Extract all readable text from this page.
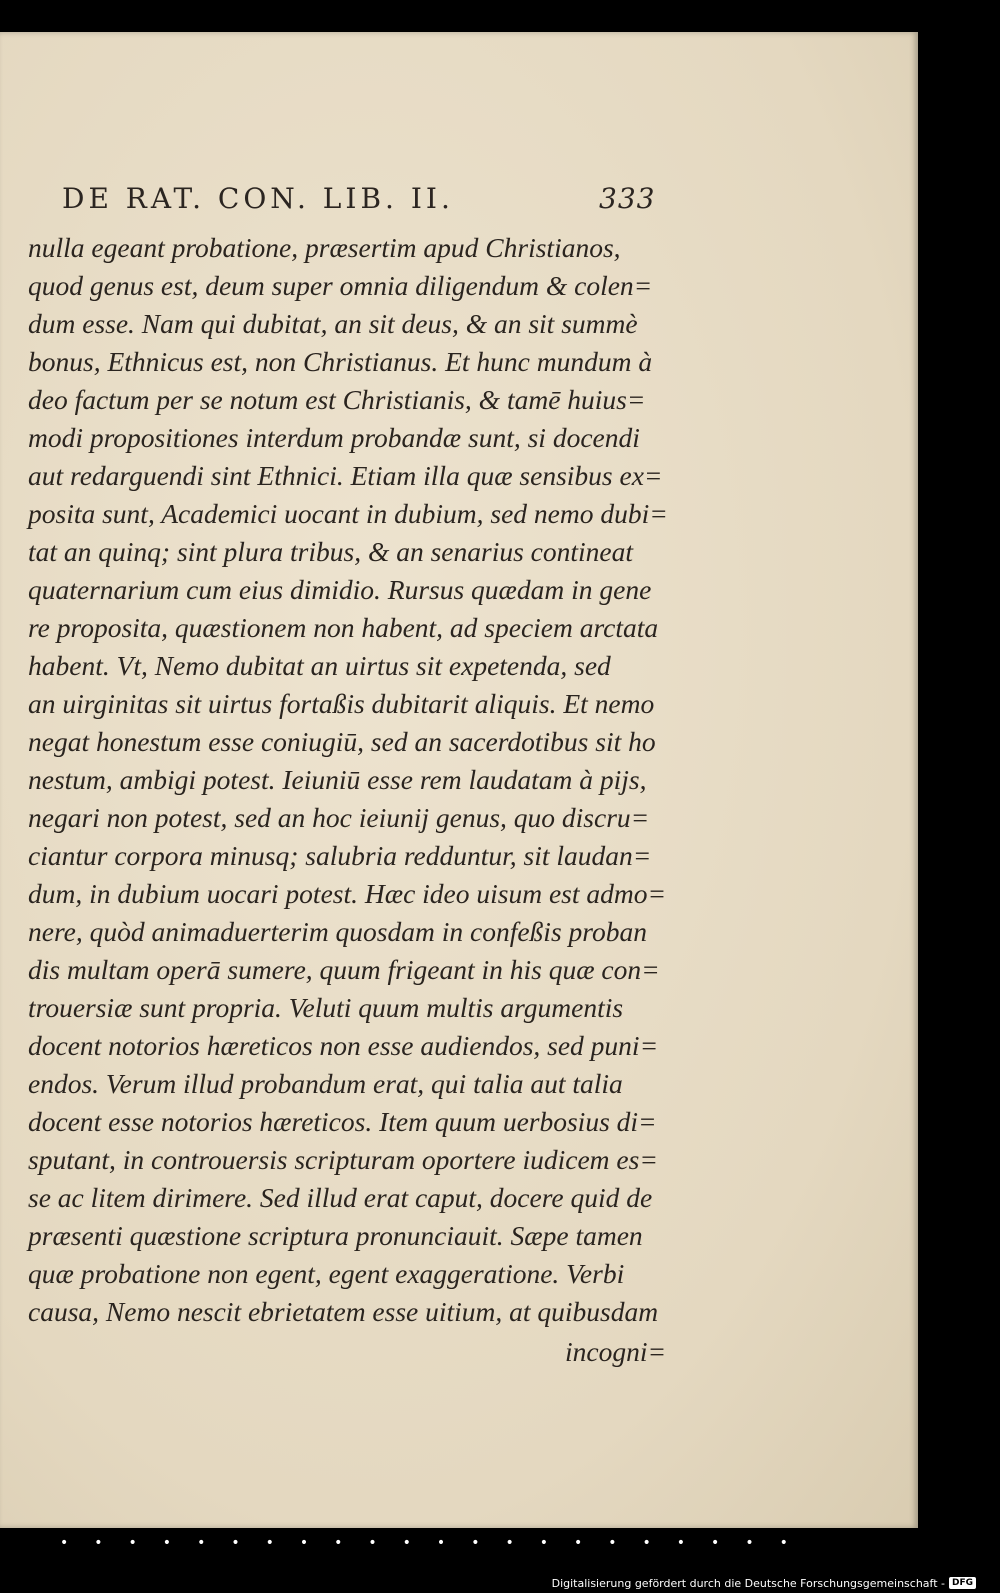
DE RAT. CON. LIB. II.	333
nulla egeant probatione, præsertim apud Christianos,
quod genus est, deum super omnia diligendum & colen=
dum esse. Nam qui dubitat, an sit deus, & an sit summè
bonus, Ethnicus est, non Christianus. Et hunc mundum à
deo factum per se notum est Christianis, & tamē huius=
modi propositiones interdum probandæ sunt, si docendi
aut redarguendi sint Ethnici. Etiam illa quæ sensibus ex=
posita sunt, Academici uocant in dubium, sed nemo dubi=
tat an quinq; sint plura tribus, & an senarius contineat
quaternarium cum eius dimidio. Rursus quædam in gene
re proposita, quæstionem non habent, ad speciem arctata
habent. Vt, Nemo dubitat an uirtus sit expetenda, sed
an uirginitas sit uirtus fortaßis dubitarit aliquis. Et nemo
negat honestum esse coniugiū, sed an sacerdotibus sit ho
nestum, ambigi potest. Ieiuniū esse rem laudatam à pijs,
negari non potest, sed an hoc ieiunij genus, quo discru=
ciantur corpora minusq; salubria redduntur, sit laudan=
dum, in dubium uocari potest. Hæc ideo uisum est admo=
nere, quòd animaduerterim quosdam in confeßis proban
dis multam operā sumere, quum frigeant in his quæ con=
trouersiæ sunt propria. Veluti quum multis argumentis
docent notorios hæreticos non esse audiendos, sed puni=
endos. Verum illud probandum erat, qui talia aut talia
docent esse notorios hæreticos. Item quum uerbosius di=
sputant, in controuersis scripturam oportere iudicem es=
se ac litem dirimere. Sed illud erat caput, docere quid de
præsenti quæstione scriptura pronunciauit. Sæpe tamen
quæ probatione non egent, egent exaggeratione. Verbi
causa, Nemo nescit ebrietatem esse uitium, at quibusdam
incogni=
• • • • • • • • • • • • • • • • • • • • • •
Digitalisierung gefördert durch die Deutsche Forschungsgemeinschaft - DFG
